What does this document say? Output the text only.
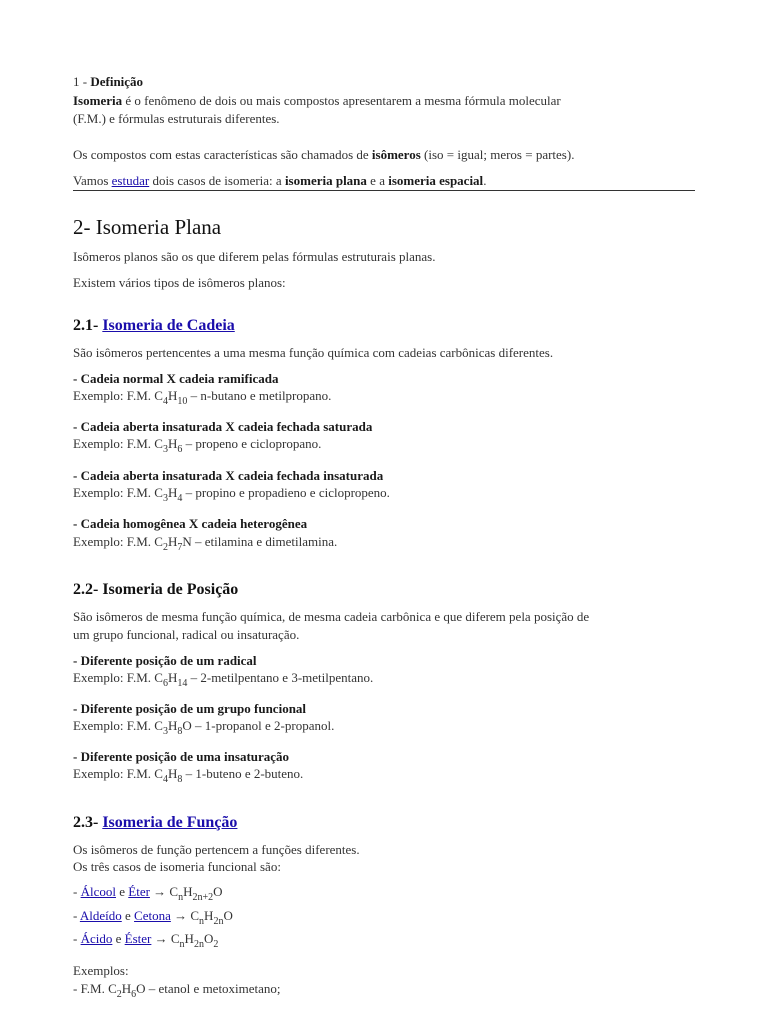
1 - Definição
Isomeria é o fenômeno de dois ou mais compostos apresentarem a mesma fórmula molecular
(F.M.) e fórmulas estruturais diferentes.
Os compostos com estas características são chamados de isômeros (iso = igual; meros = partes).
Vamos estudar dois casos de isomeria: a isomeria plana e a isomeria espacial.
2- Isomeria Plana
Isômeros planos são os que diferem pelas fórmulas estruturais planas.
Existem vários tipos de isômeros planos:
2.1- Isomeria de Cadeia
São isômeros pertencentes a uma mesma função química com cadeias carbônicas diferentes.
- Cadeia normal X cadeia ramificada
Exemplo: F.M. $C_4H_{10} - n-butano$ e metilpropano.
- Cadeia aberta insaturada X cadeia fechada saturada
Exemplo: F.M. $C_3H_6$ – propeno e ciclopropano.
- Cadeia aberta insaturada X cadeia fechada insaturada
Exemplo: F.M. $C_3H_4$ – propino e propadieno e ciclopropeno.
- Cadeia homogênea X cadeia heterogênea
Exemplo: F.M. $C_2H_7N$ – etilamina e dimetilamina.
2.2- Isomeria de Posição
São isômeros de mesma função química, de mesma cadeia carbônica e que diferem pela posição de
um grupo funcional, radical ou insaturação.
- Diferente posição de um radical
Exemplo: F.M. $C_6H_{14}$ – 2-metilpentano e 3-metilpentano.
- Diferente posição de um grupo funcional
Exemplo: F.M. $C_3H_8O$ – 1-propanol e 2-propanol.
- Diferente posição de uma insaturação
Exemplo: F.M. $C_4H_8$ – 1-buteno e 2-buteno.
2.3- Isomeria de Função
Os isômeros de função pertencem a funções diferentes.
Os três casos de isomeria funcional são:
- Álcool e Éter → $C_nH_{2n+2}O$
- Aldeído e Cetona → $C_nH_{2n}O$
- Ácido e Éster → $C_nH_{2n}O_2$
Exemplos:
- F.M. $C_2H_6O$ – etanol e metoximetano;
